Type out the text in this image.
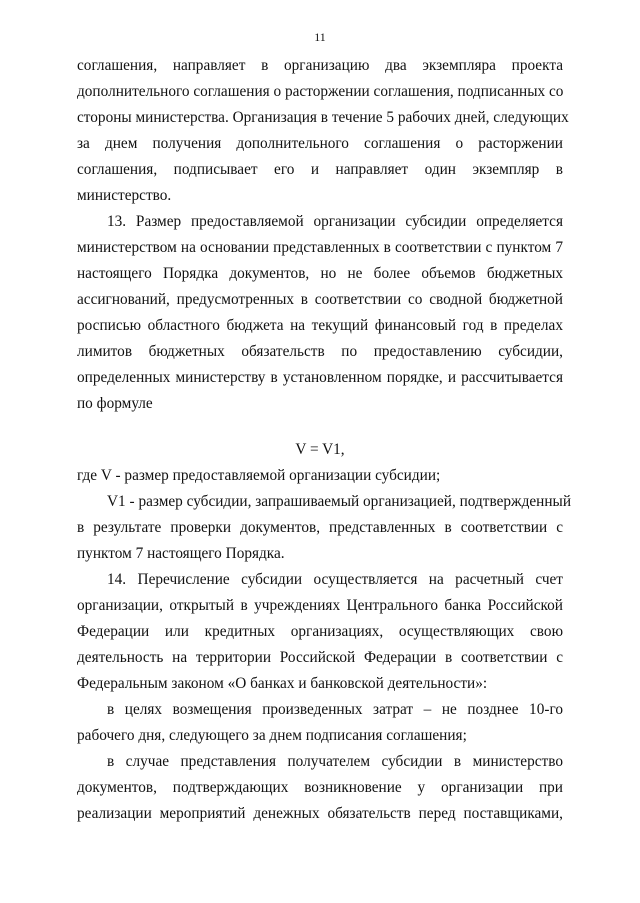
11
соглашения, направляет в организацию два экземпляра проекта
дополнительного соглашения о расторжении соглашения, подписанных со
стороны министерства. Организация в течение 5 рабочих дней, следующих
за днем получения дополнительного соглашения о расторжении
соглашения, подписывает его и направляет один экземпляр в
министерство.
13. Размер предоставляемой организации субсидии определяется
министерством на основании представленных в соответствии с пунктом 7
настоящего Порядка документов, но не более объемов бюджетных
ассигнований, предусмотренных в соответствии со сводной бюджетной
росписью областного бюджета на текущий финансовый год в пределах
лимитов бюджетных обязательств по предоставлению субсидии,
определенных министерству в установленном порядке, и рассчитывается
по формуле
V = V1,
где V - размер предоставляемой организации субсидии;
V1 - размер субсидии, запрашиваемый организацией, подтвержденный
в результате проверки документов, представленных в соответствии с
пунктом 7 настоящего Порядка.
14. Перечисление субсидии осуществляется на расчетный счет
организации, открытый в учреждениях Центрального банка Российской
Федерации или кредитных организациях, осуществляющих свою
деятельность на территории Российской Федерации в соответствии с
Федеральным законом «О банках и банковской деятельности»:
в целях возмещения произведенных затрат – не позднее 10-го
рабочего дня, следующего за днем подписания соглашения;
в случае представления получателем субсидии в министерство
документов, подтверждающих возникновение у организации при
реализации мероприятий денежных обязательств перед поставщиками,
